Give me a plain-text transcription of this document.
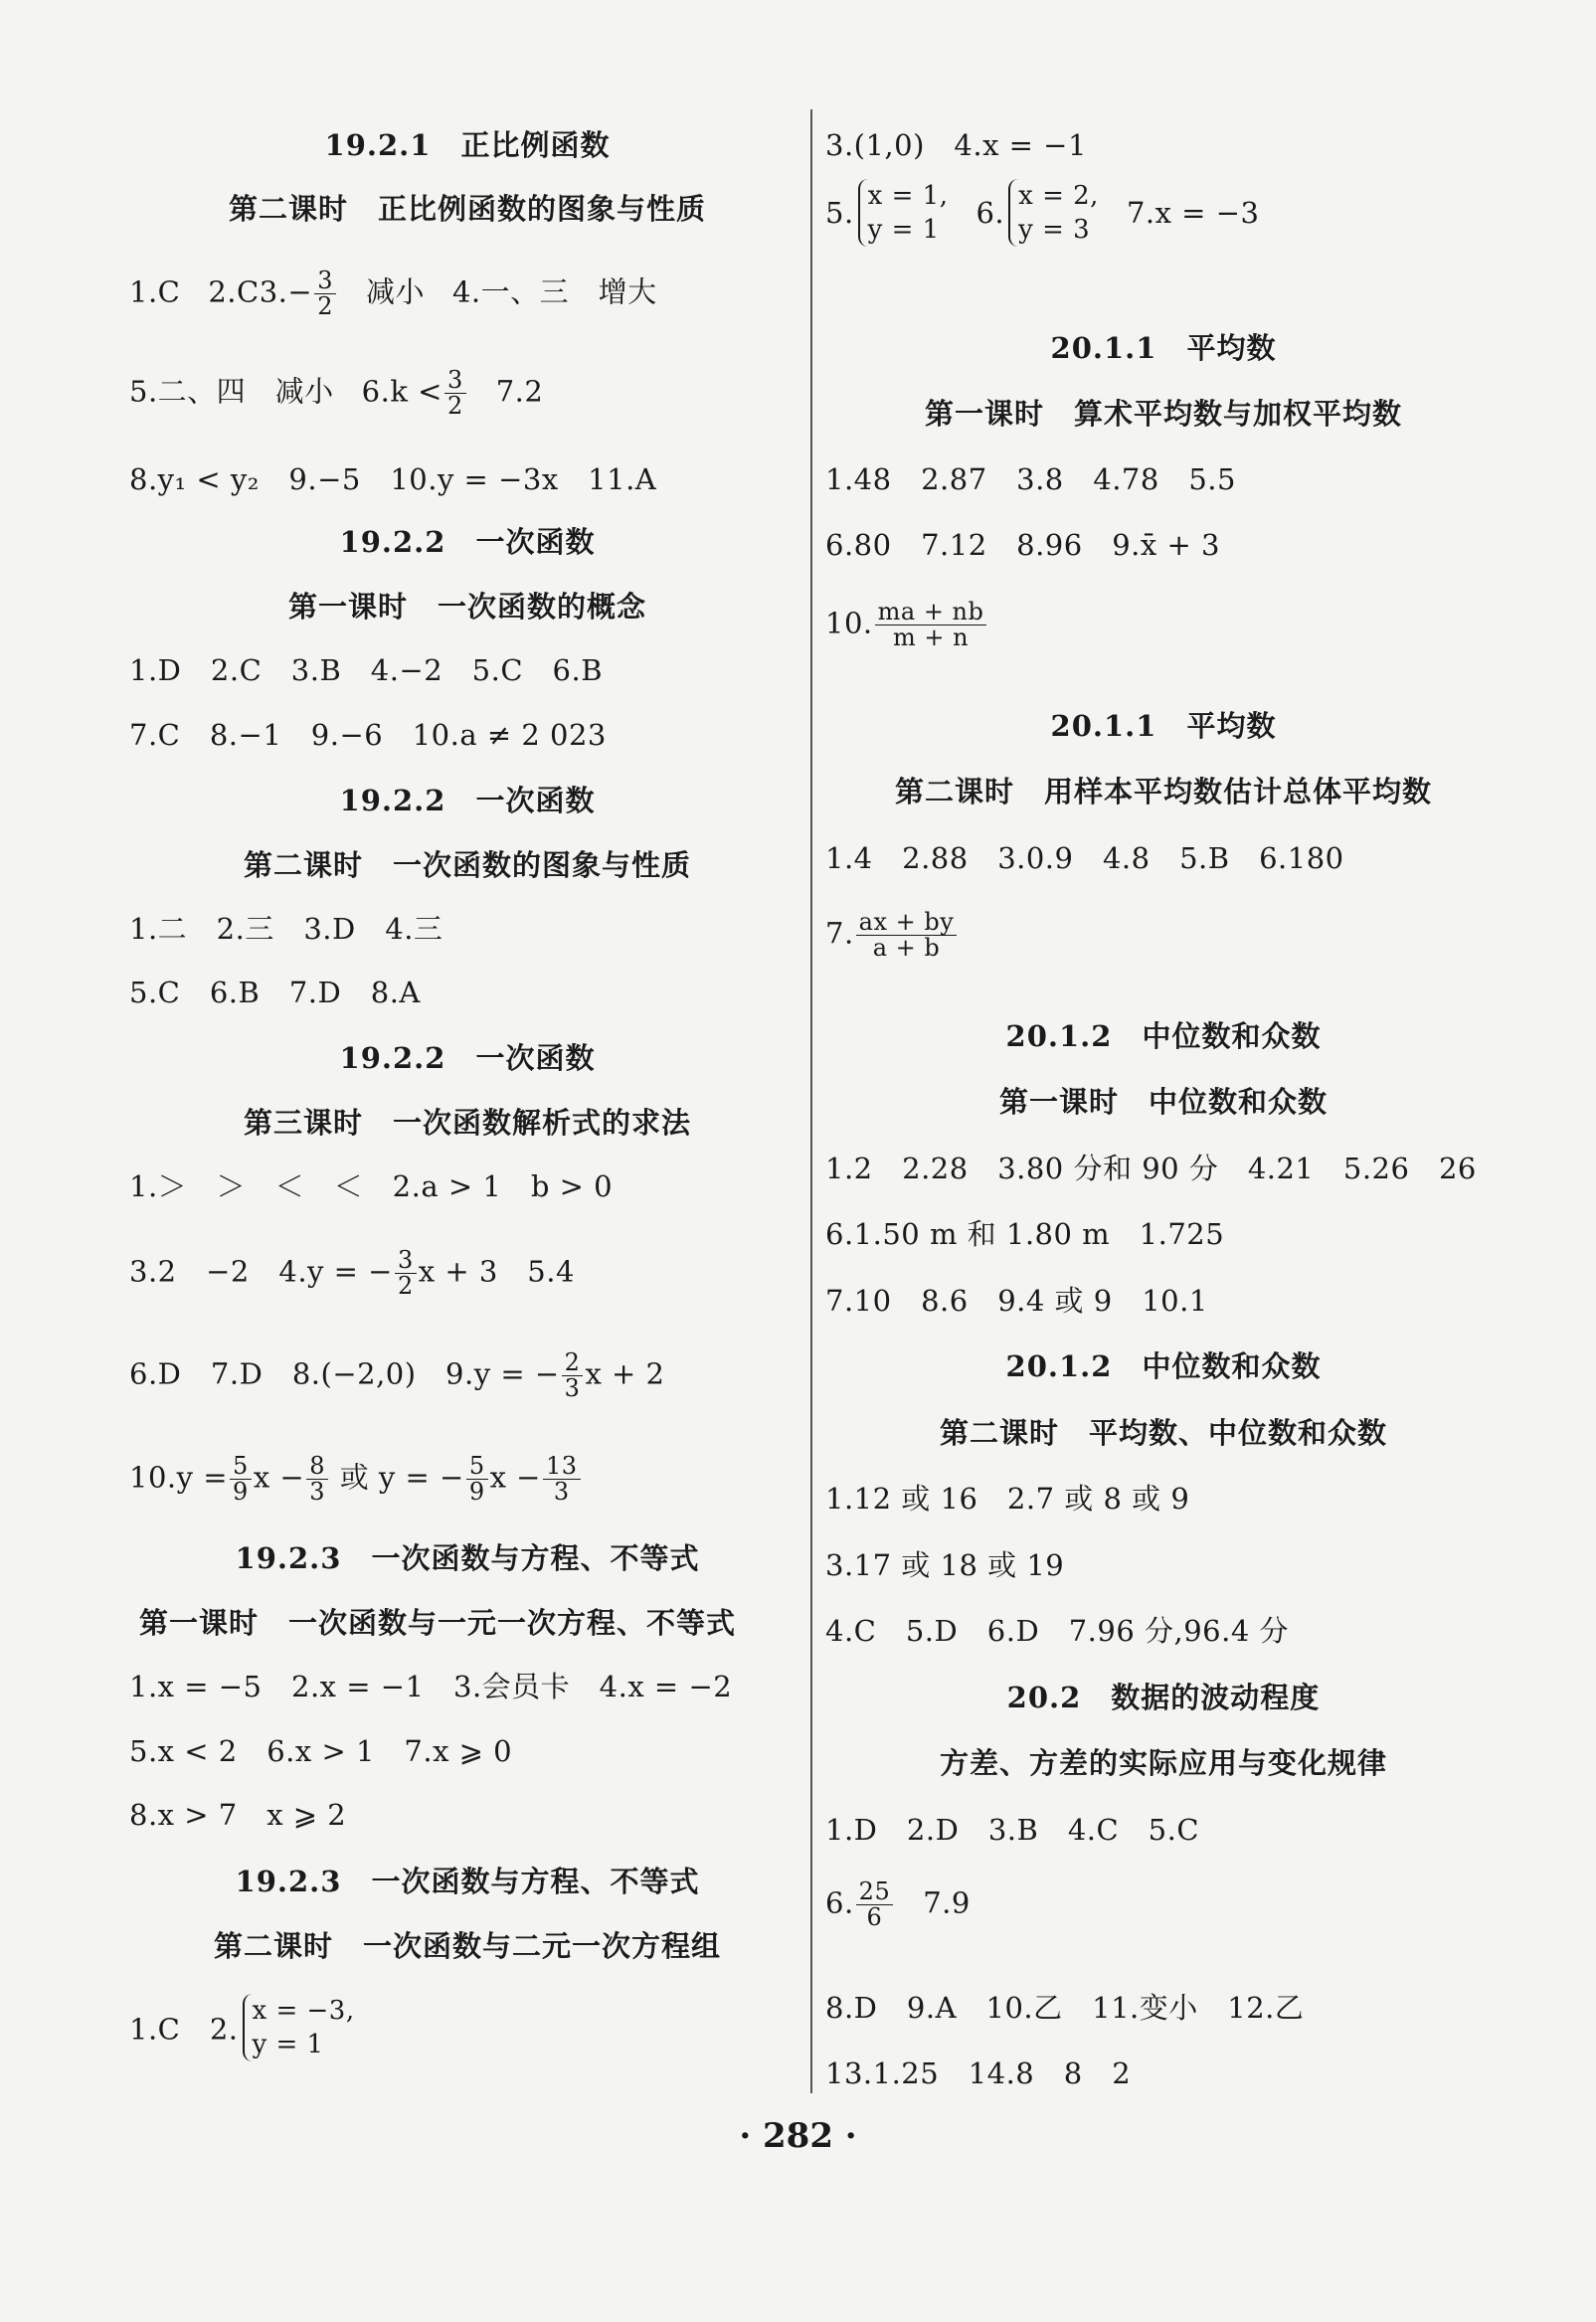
19.2.1　正比例函数
第二课时　正比例函数的图象与性质
1.C $2.C3.- \frac{3}{2}$ 减小 4.一、三　增大
5.二、四　减小 $6.k < \frac{3}{2} 7.2$
8.y₁ < y₂　9.−5　10.y = −3x　11.A
19.2.2　一次函数
第一课时　一次函数的概念
1.D　2.C　3.B　4.−2　5.C　6.B
7.C　8.−1　9.−6　10.a ≠ 2 023
19.2.2　一次函数
第二课时　一次函数的图象与性质
1.二　2.三　3.D　4.三
5.C　6.B　7.D　8.A
19.2.2　一次函数
第三课时　一次函数解析式的求法
1.＞　＞　＜　＜　2.a > 1　b > 0
3.2　−2　4.y = − $\frac{3}{2}$ x + 3　5.4
6.D　7.D　8.(−2,0)　9.y = − $\frac{2}{3}$ x + 2
$10.y = \frac{5}{9}$ $x - \frac{8}{3}$ 或 y = − $\frac{5}{9}$ $x - \frac{13}{3}$
19.2.3　一次函数与方程、不等式
第一课时　一次函数与一元一次方程、不等式
1.x = −5　2.x = −1　3.会员卡　4.x = −2
5.x < 2　6.x > 1　7.x ⩾ 0
8.x > 7　x ⩾ 2
19.2.3　一次函数与方程、不等式
第二课时　一次函数与二元一次方程组
1.C　2.
x = −3,
y = 1
3.(1,0)　4.x = −1
5. x = 1,
y = 1	6. x = 2,
y = 3	7.x = −3
20.1.1　平均数
第一课时　算术平均数与加权平均数
1.48　2.87　3.8　4.78　5.5
6.80　7.12　8.96　9.x̄ + 3
10. $\frac{ma + nb}{m + n}$
20.1.1　平均数
第二课时　用样本平均数估计总体平均数
1.4　2.88　3.0.9　4.8　5.B　6.180
7. $\frac{ax + by}{a + b}$
20.1.2　中位数和众数
第一课时　中位数和众数
1.2　2.28　3.80 分和 90 分　4.21　5.26　26
6.1.50 m 和 1.80 m　1.725
7.10　8.6　9.4 或 9　10.1
20.1.2　中位数和众数
第二课时　平均数、中位数和众数
1.12 或 16　2.7 或 8 或 9
3.17 或 18 或 19
4.C　5.D　6.D　7.96 分,96.4 分
20.2　数据的波动程度
方差、方差的实际应用与变化规律
1.D　2.D　3.B　4.C　5.C
6. $\frac{25}{6} 7.9$
8.D　9.A　10.乙　11.变小　12.乙
13.1.25　14.8　8　2
· 282 ·
